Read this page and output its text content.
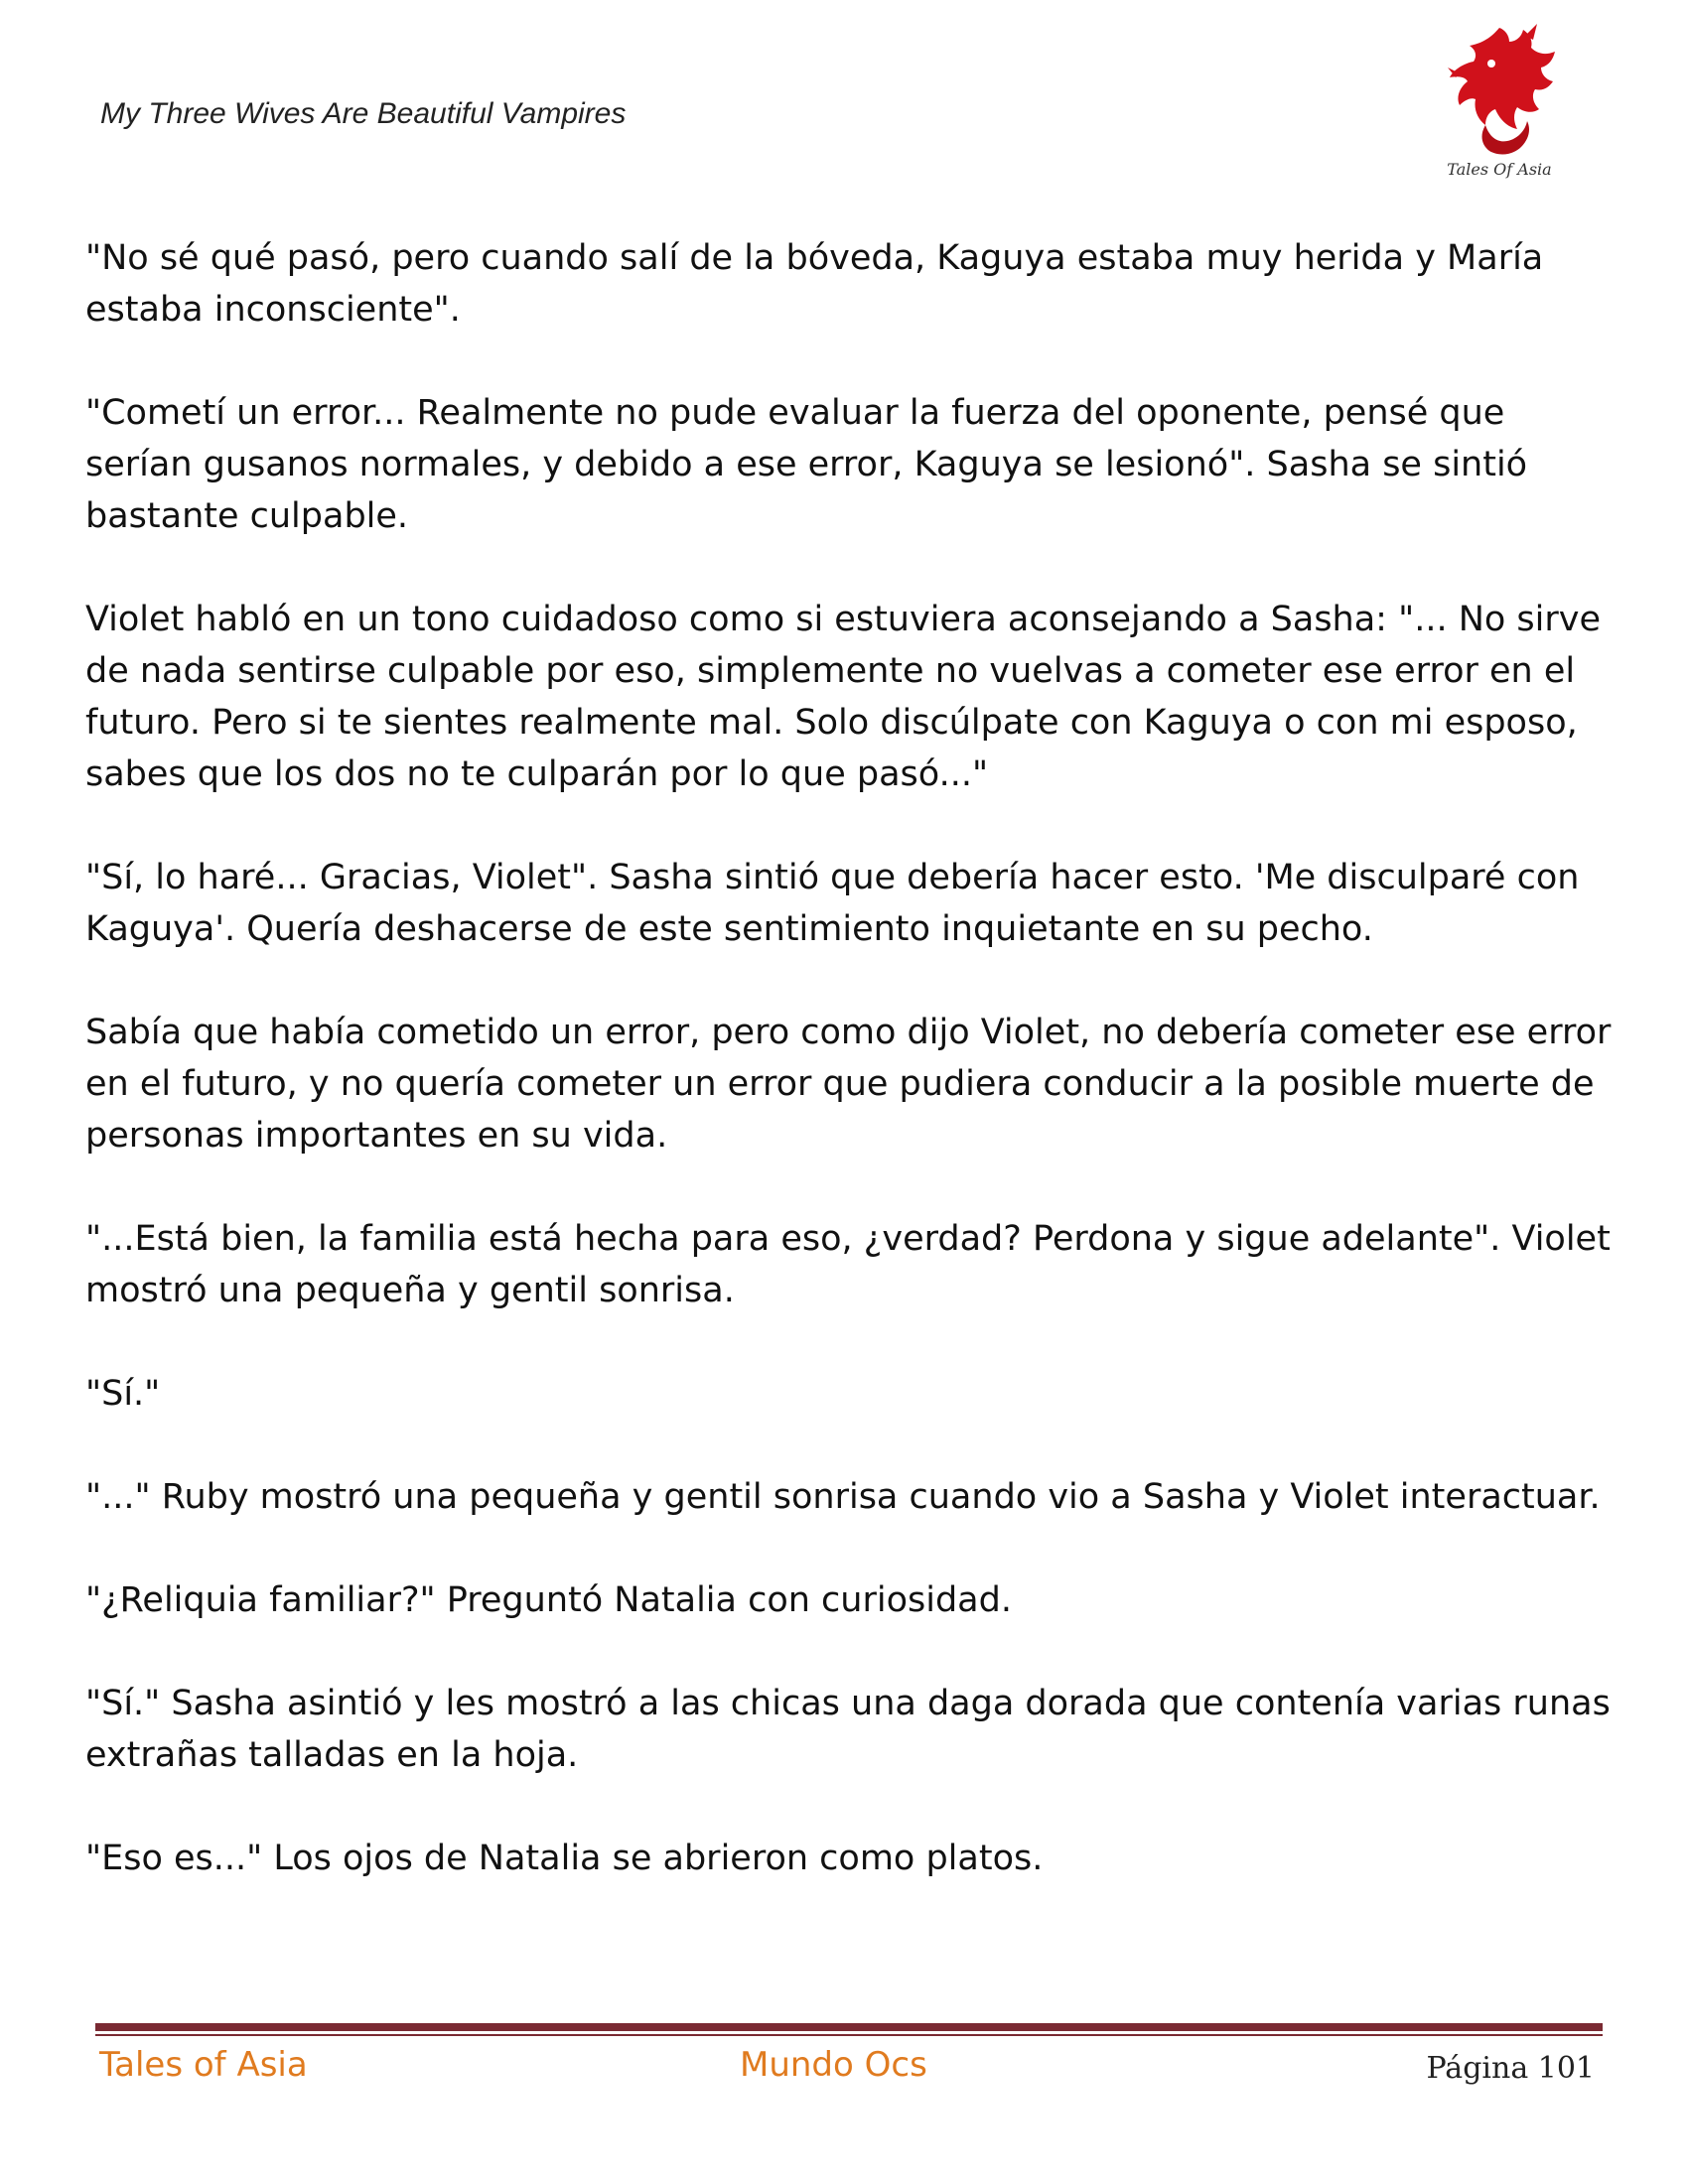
My Three Wives Are Beautiful Vampires
Tales Of Asia

"No sé qué pasó, pero cuando salí de la bóveda, Kaguya estaba muy herida y María estaba inconsciente".

"Cometí un error... Realmente no pude evaluar la fuerza del oponente, pensé que serían gusanos normales, y debido a ese error, Kaguya se lesionó". Sasha se sintió bastante culpable.

Violet habló en un tono cuidadoso como si estuviera aconsejando a Sasha: "... No sirve de nada sentirse culpable por eso, simplemente no vuelvas a cometer ese error en el futuro. Pero si te sientes realmente mal. Solo discúlpate con Kaguya o con mi esposo, sabes que los dos no te culparán por lo que pasó..."

"Sí, lo haré... Gracias, Violet". Sasha sintió que debería hacer esto. 'Me disculparé con Kaguya'. Quería deshacerse de este sentimiento inquietante en su pecho.

Sabía que había cometido un error, pero como dijo Violet, no debería cometer ese error en el futuro, y no quería cometer un error que pudiera conducir a la posible muerte de personas importantes en su vida.

"...Está bien, la familia está hecha para eso, ¿verdad? Perdona y sigue adelante". Violet mostró una pequeña y gentil sonrisa.

"Sí."

"..." Ruby mostró una pequeña y gentil sonrisa cuando vio a Sasha y Violet interactuar.

"¿Reliquia familiar?" Preguntó Natalia con curiosidad.

"Sí." Sasha asintió y les mostró a las chicas una daga dorada que contenía varias runas extrañas talladas en la hoja.

"Eso es..." Los ojos de Natalia se abrieron como platos.

Tales of Asia	Mundo Ocs	Página 101
